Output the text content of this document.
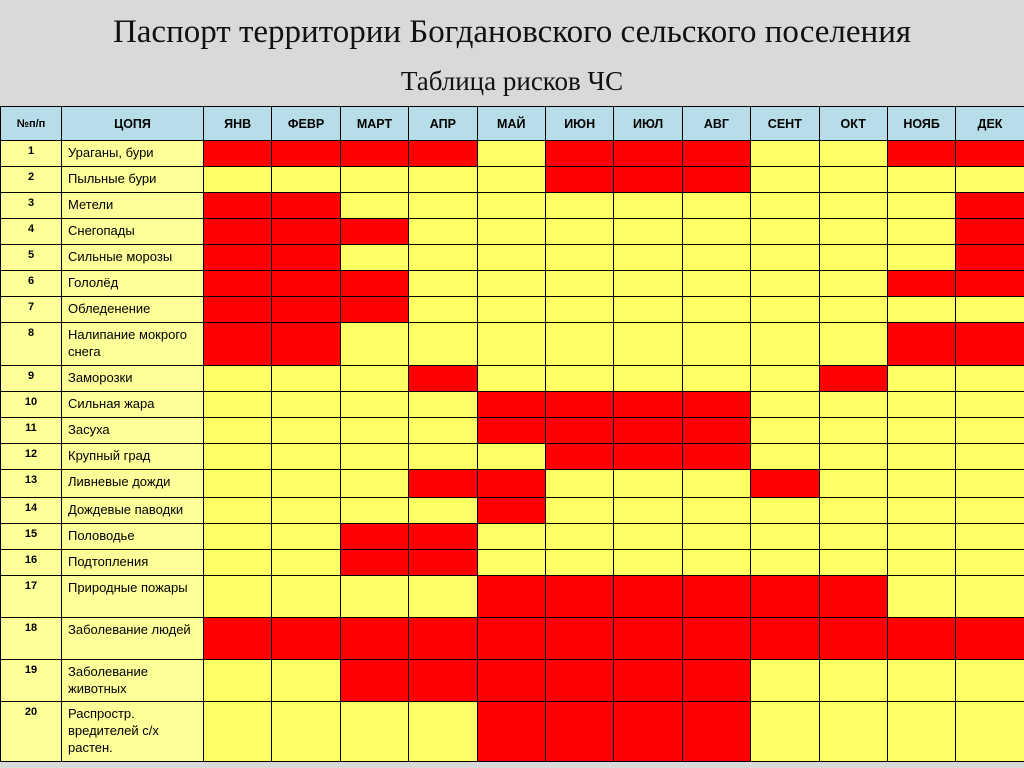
Паспорт территории Богдановского сельского поселения
Таблица рисков ЧС
№п/п	ЦОПЯ	ЯНВ	ФЕВР	МАРТ	АПР	МАЙ	ИЮН	ИЮЛ	АВГ	СЕНТ	ОКТ	НОЯБ	ДЕК
1	Ураганы, бури												
2	Пыльные бури												
3	Метели												
4	Снегопады												
5	Сильные морозы												
6	Гололёд												
7	Обледенение												
8	Налипание мокрого снега												
9	Заморозки												
10	Сильная жара												
11	Засуха												
12	Крупный град												
13	Ливневые дожди												
14	Дождевые паводки												
15	Половодье												
16	Подтопления												
17	Природные пожары												
18	Заболевание людей												
19	Заболевание животных												
20	Распростр. вредителей с/х растен.												
